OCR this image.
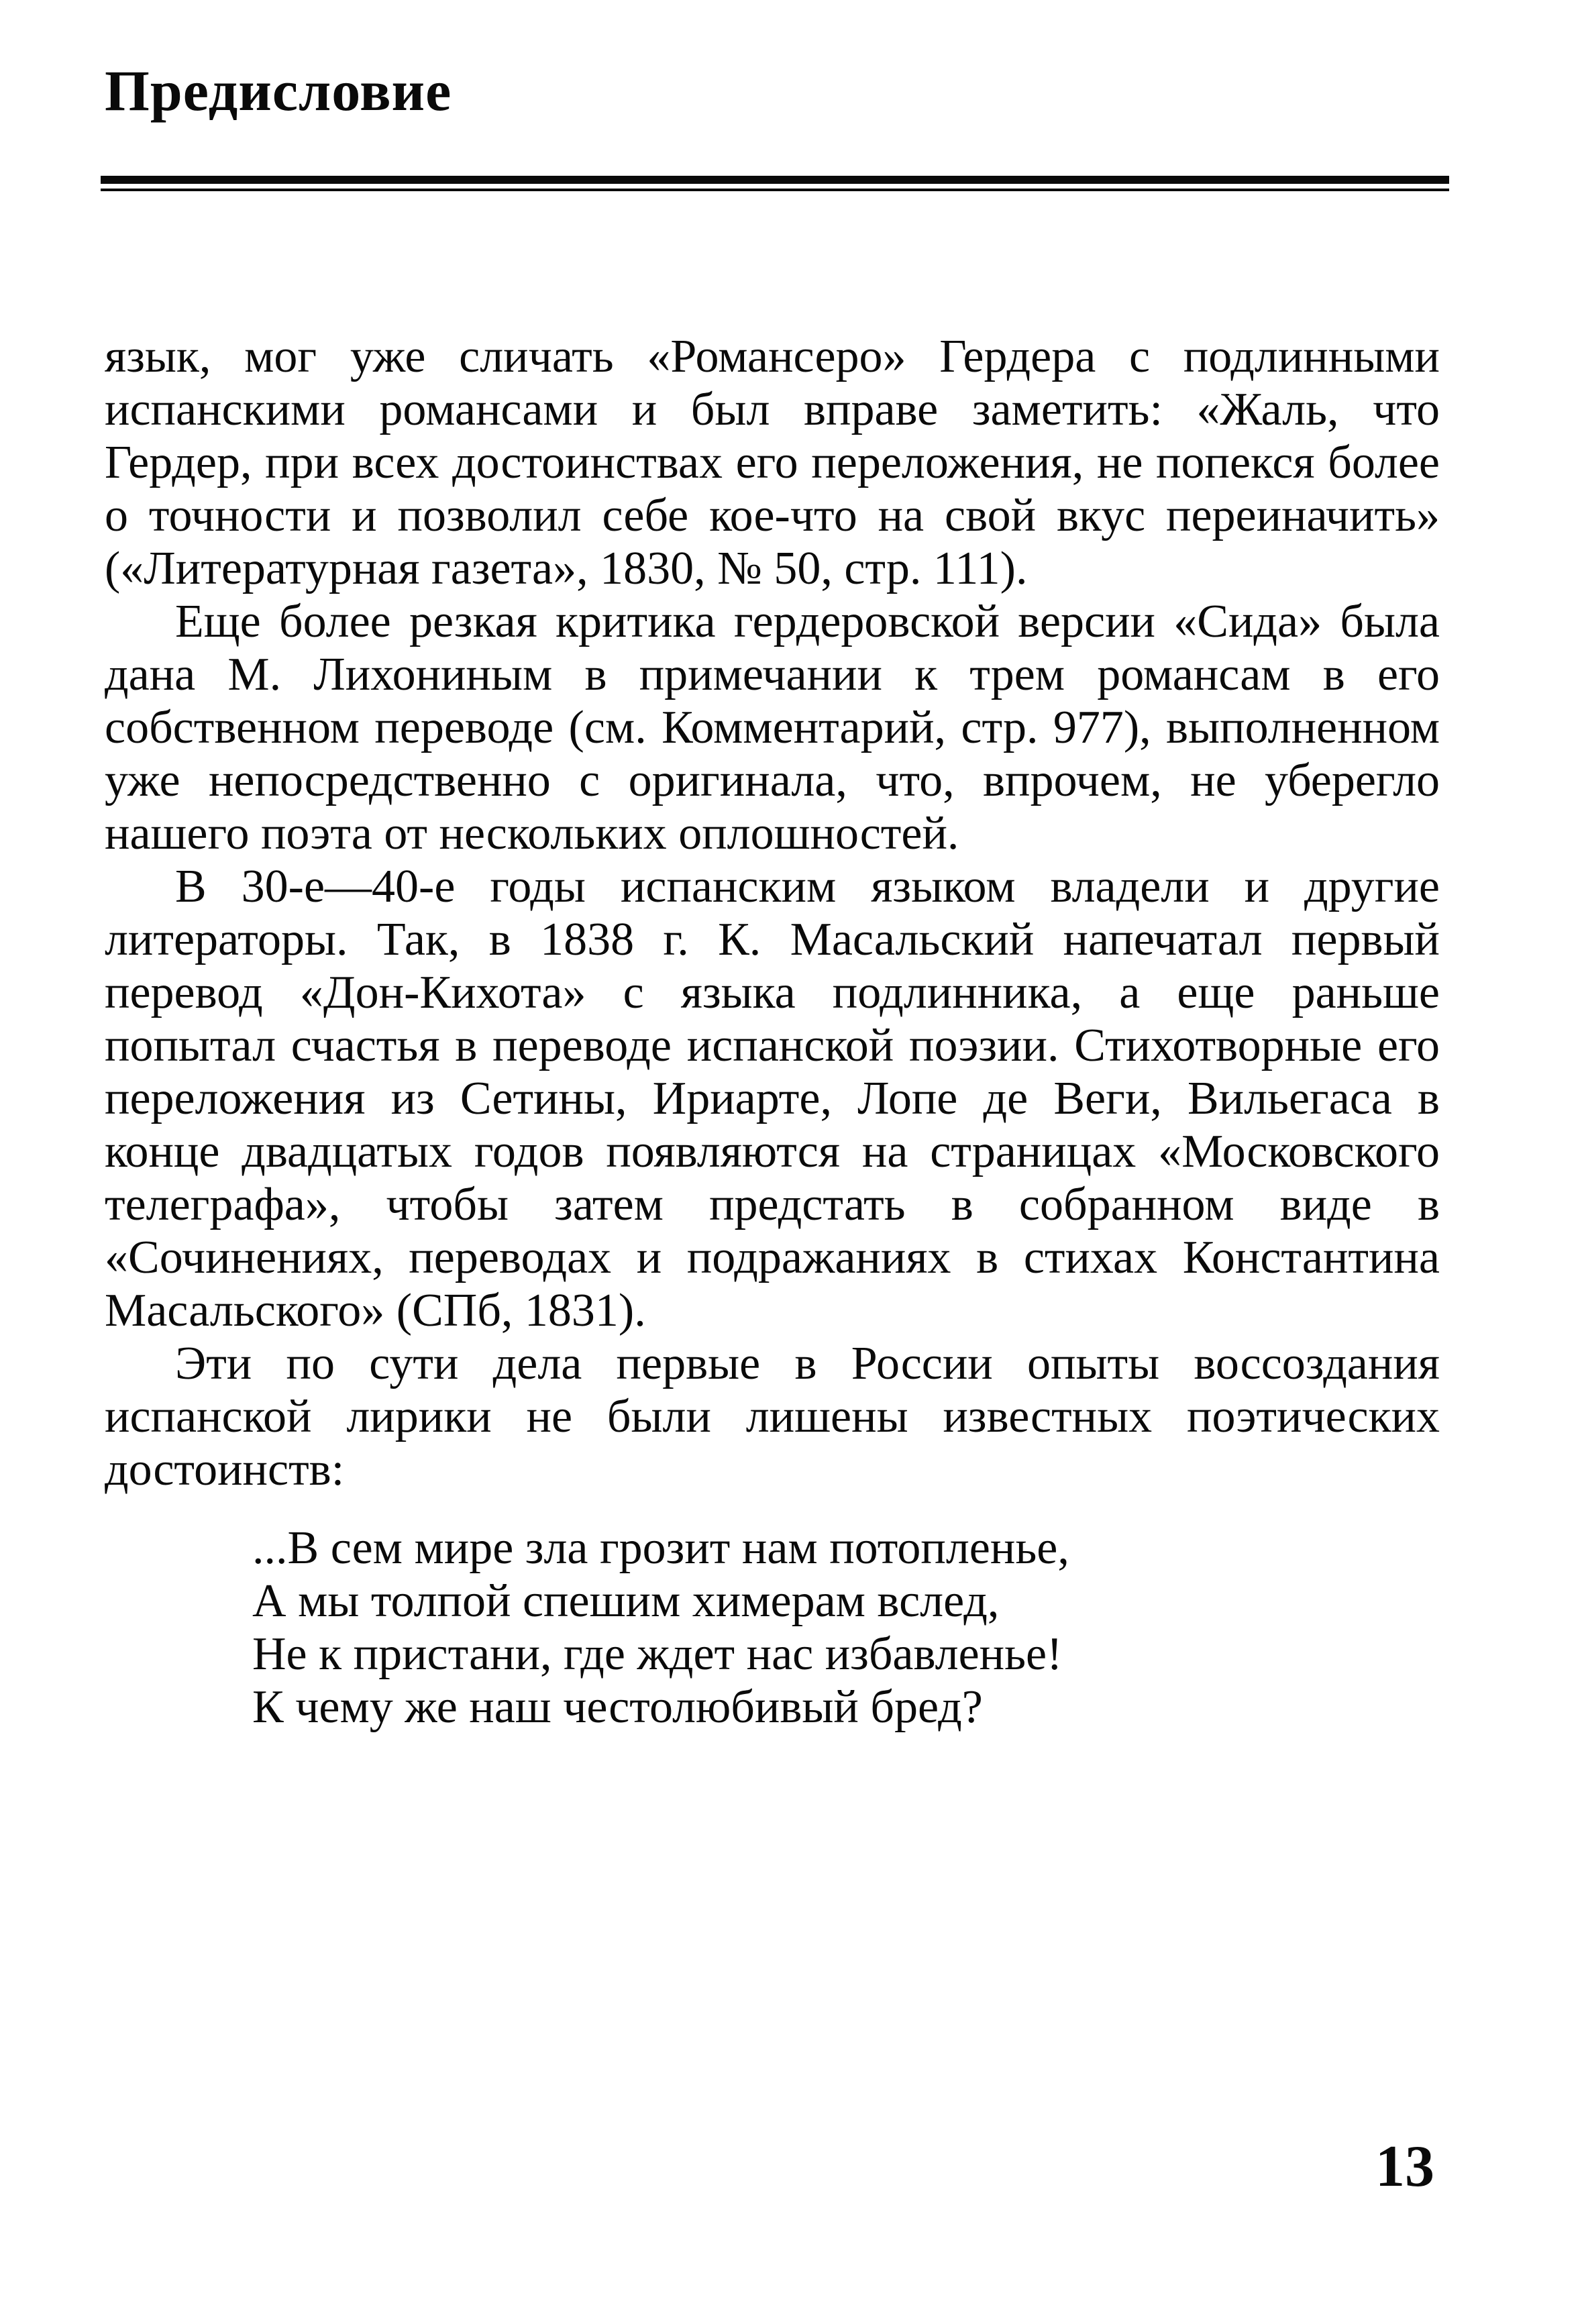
Предисловие

язык, мог уже сличать «Романсеро» Гердера с подлинными испанскими романсами и был вправе заметить: «Жаль, что Гердер, при всех достоинствах его переложения, не попекся более о точности и позволил себе кое-что на свой вкус переиначить» («Литературная газета», 1830, № 50, стр. 111).

Еще более резкая критика гердеровской версии «Сида» была дана М. Лихониным в примечании к трем романсам в его собственном переводе (см. Комментарий, стр. 977), выполненном уже непосредственно с оригинала, что, впрочем, не уберегло нашего поэта от нескольких оплошностей.

В 30-е—40-е годы испанским языком владели и другие литераторы. Так, в 1838 г. К. Масальский напечатал первый перевод «Дон-Кихота» с языка подлинника, а еще раньше попытал счастья в переводе испанской поэзии. Стихотворные его переложения из Сетины, Ириарте, Лопе де Веги, Вильегаса в конце двадцатых годов появляются на страницах «Московского телеграфа», чтобы затем предстать в собранном виде в «Сочинениях, переводах и подражаниях в стихах Константина Масальского» (СПб, 1831).

Эти по сути дела первые в России опыты воссоздания испанской лирики не были лишены известных поэтических достоинств:

...В сем мире зла грозит нам потопленье,
А мы толпой спешим химерам вслед,
Не к пристани, где ждет нас избавленье!
К чему же наш честолюбивый бред?
13
